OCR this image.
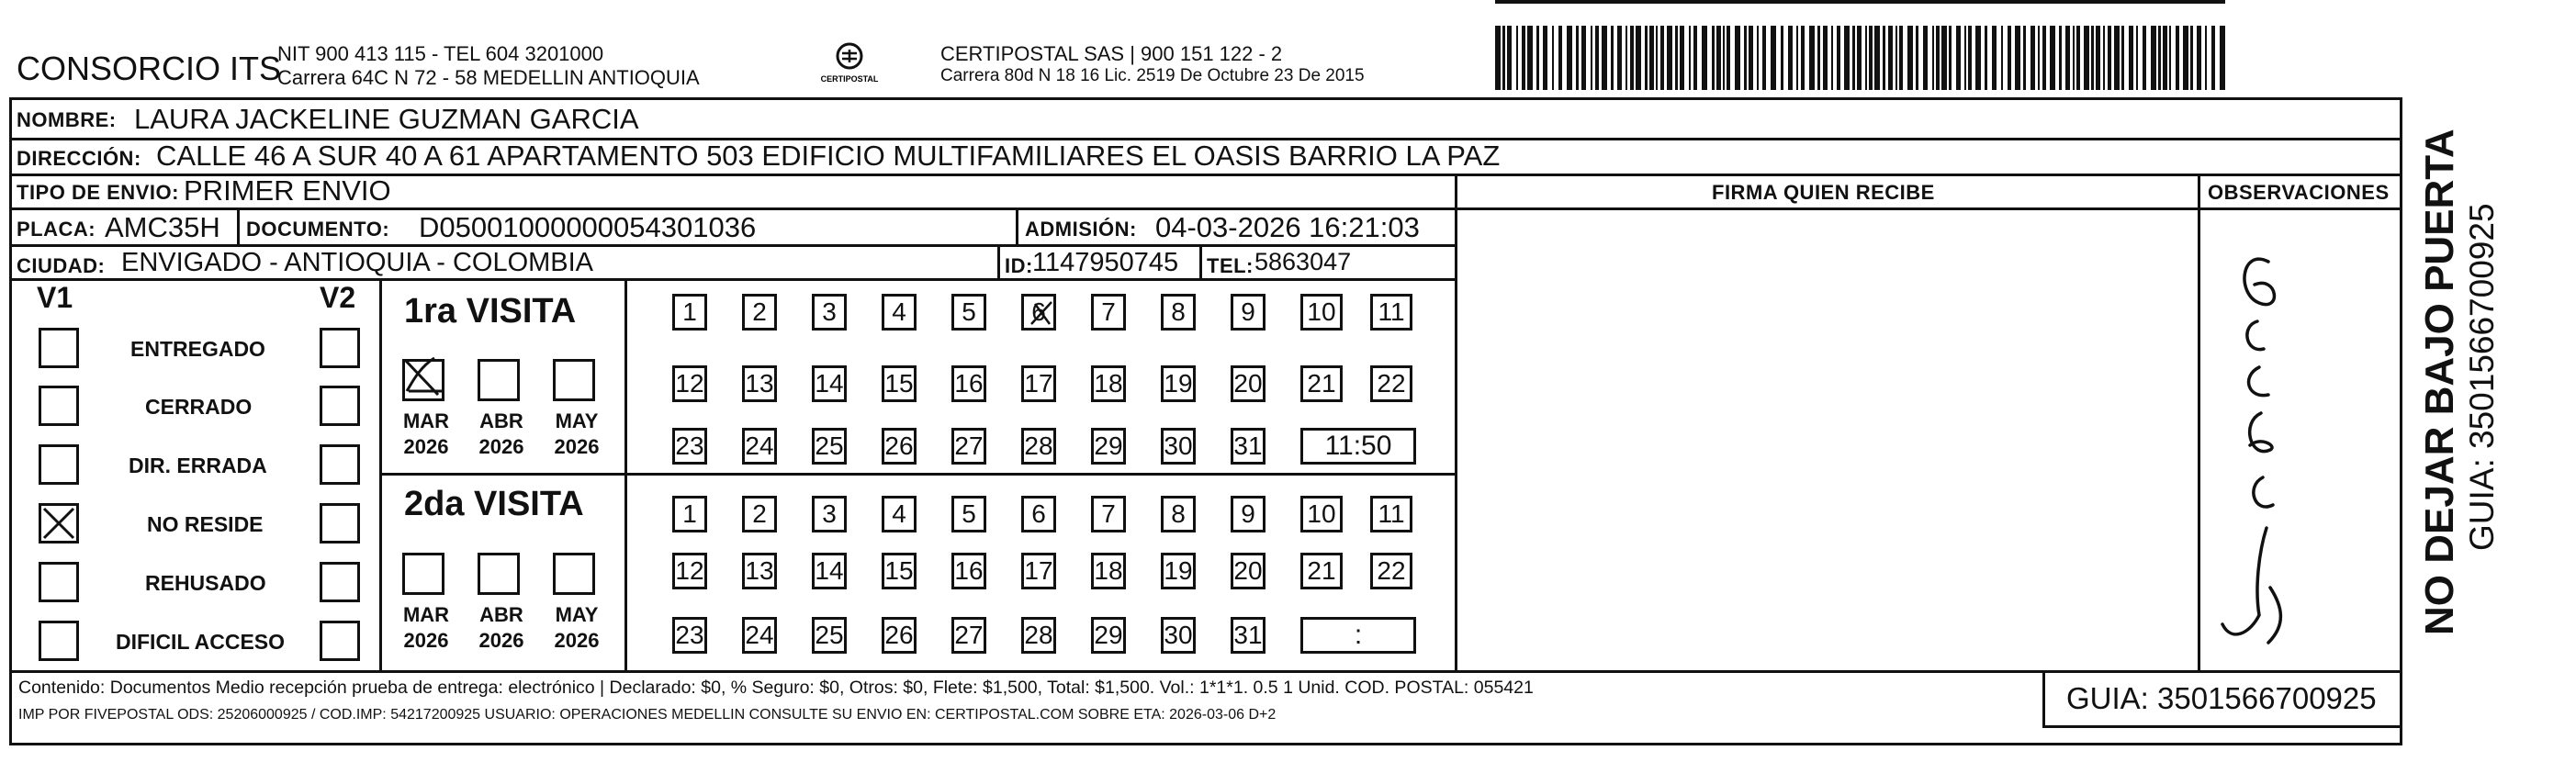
CONSORCIO ITS
NIT 900 413 115 - TEL 604 3201000
Carrera 64C N 72 - 58 MEDELLIN ANTIOQUIA	CERTIPOSTAL
CERTIPOSTAL SAS | 900 151 122 - 2
Carrera 80d N 18 16 Lic. 2519 De Octubre 23 De 2015
NOMBRE: LAURA JACKELINE GUZMAN GARCIA
DIRECCIÓN: CALLE 46 A SUR 40 A 61 APARTAMENTO 503 EDIFICIO MULTIFAMILIARES EL OASIS BARRIO LA PAZ
TIPO DE ENVIO: PRIMER ENVIO	FIRMA QUIEN RECIBE	OBSERVACIONES
PLACA: AMC35H DOCUMENTO: D05001000000054301036	ADMISIÓN: 04-03-2026 16:21:03
CIUDAD: ENVIGADO - ANTIOQUIA - COLOMBIA	ID: 1147950745 TEL: 5863047
V1	V2
ENTREGADO
CERRADO
DIR. ERRADA
NO RESIDE
REHUSADO
DIFICIL ACCESO
1ra VISITA
2da VISITA
MAR
2026
ABR
2026
MAY
2026
MAR
2026
ABR
2026
MAY
2026
1 2 3 4 5 6 7 8 9 10 11
12 13 14 15 16 17 18 19 20 21 22
23 24 25 26 27 28 29 30 31 11:50
1 2 3 4 5 6 7 8 9 10 11
12 13 14 15 16 17 18 19 20 21 22
23 24 25 26 27 28 29 30 31	:
Contenido: Documentos Medio recepción prueba de entrega: electrónico | Declarado: $0, % Seguro: $0, Otros: $0, Flete: $1,500, Total: $1,500. Vol.: 1*1*1. 0.5 1 Unid. COD. POSTAL: 055421
IMP POR FIVEPOSTAL ODS: 25206000925 / COD.IMP: 54217200925 USUARIO: OPERACIONES MEDELLIN CONSULTE SU ENVIO EN: CERTIPOSTAL.COM SOBRE ETA: 2026-03-06 D+2	GUIA: 3501566700925
NO DEJAR BAJO PUERTA GUIA: 3501566700925
